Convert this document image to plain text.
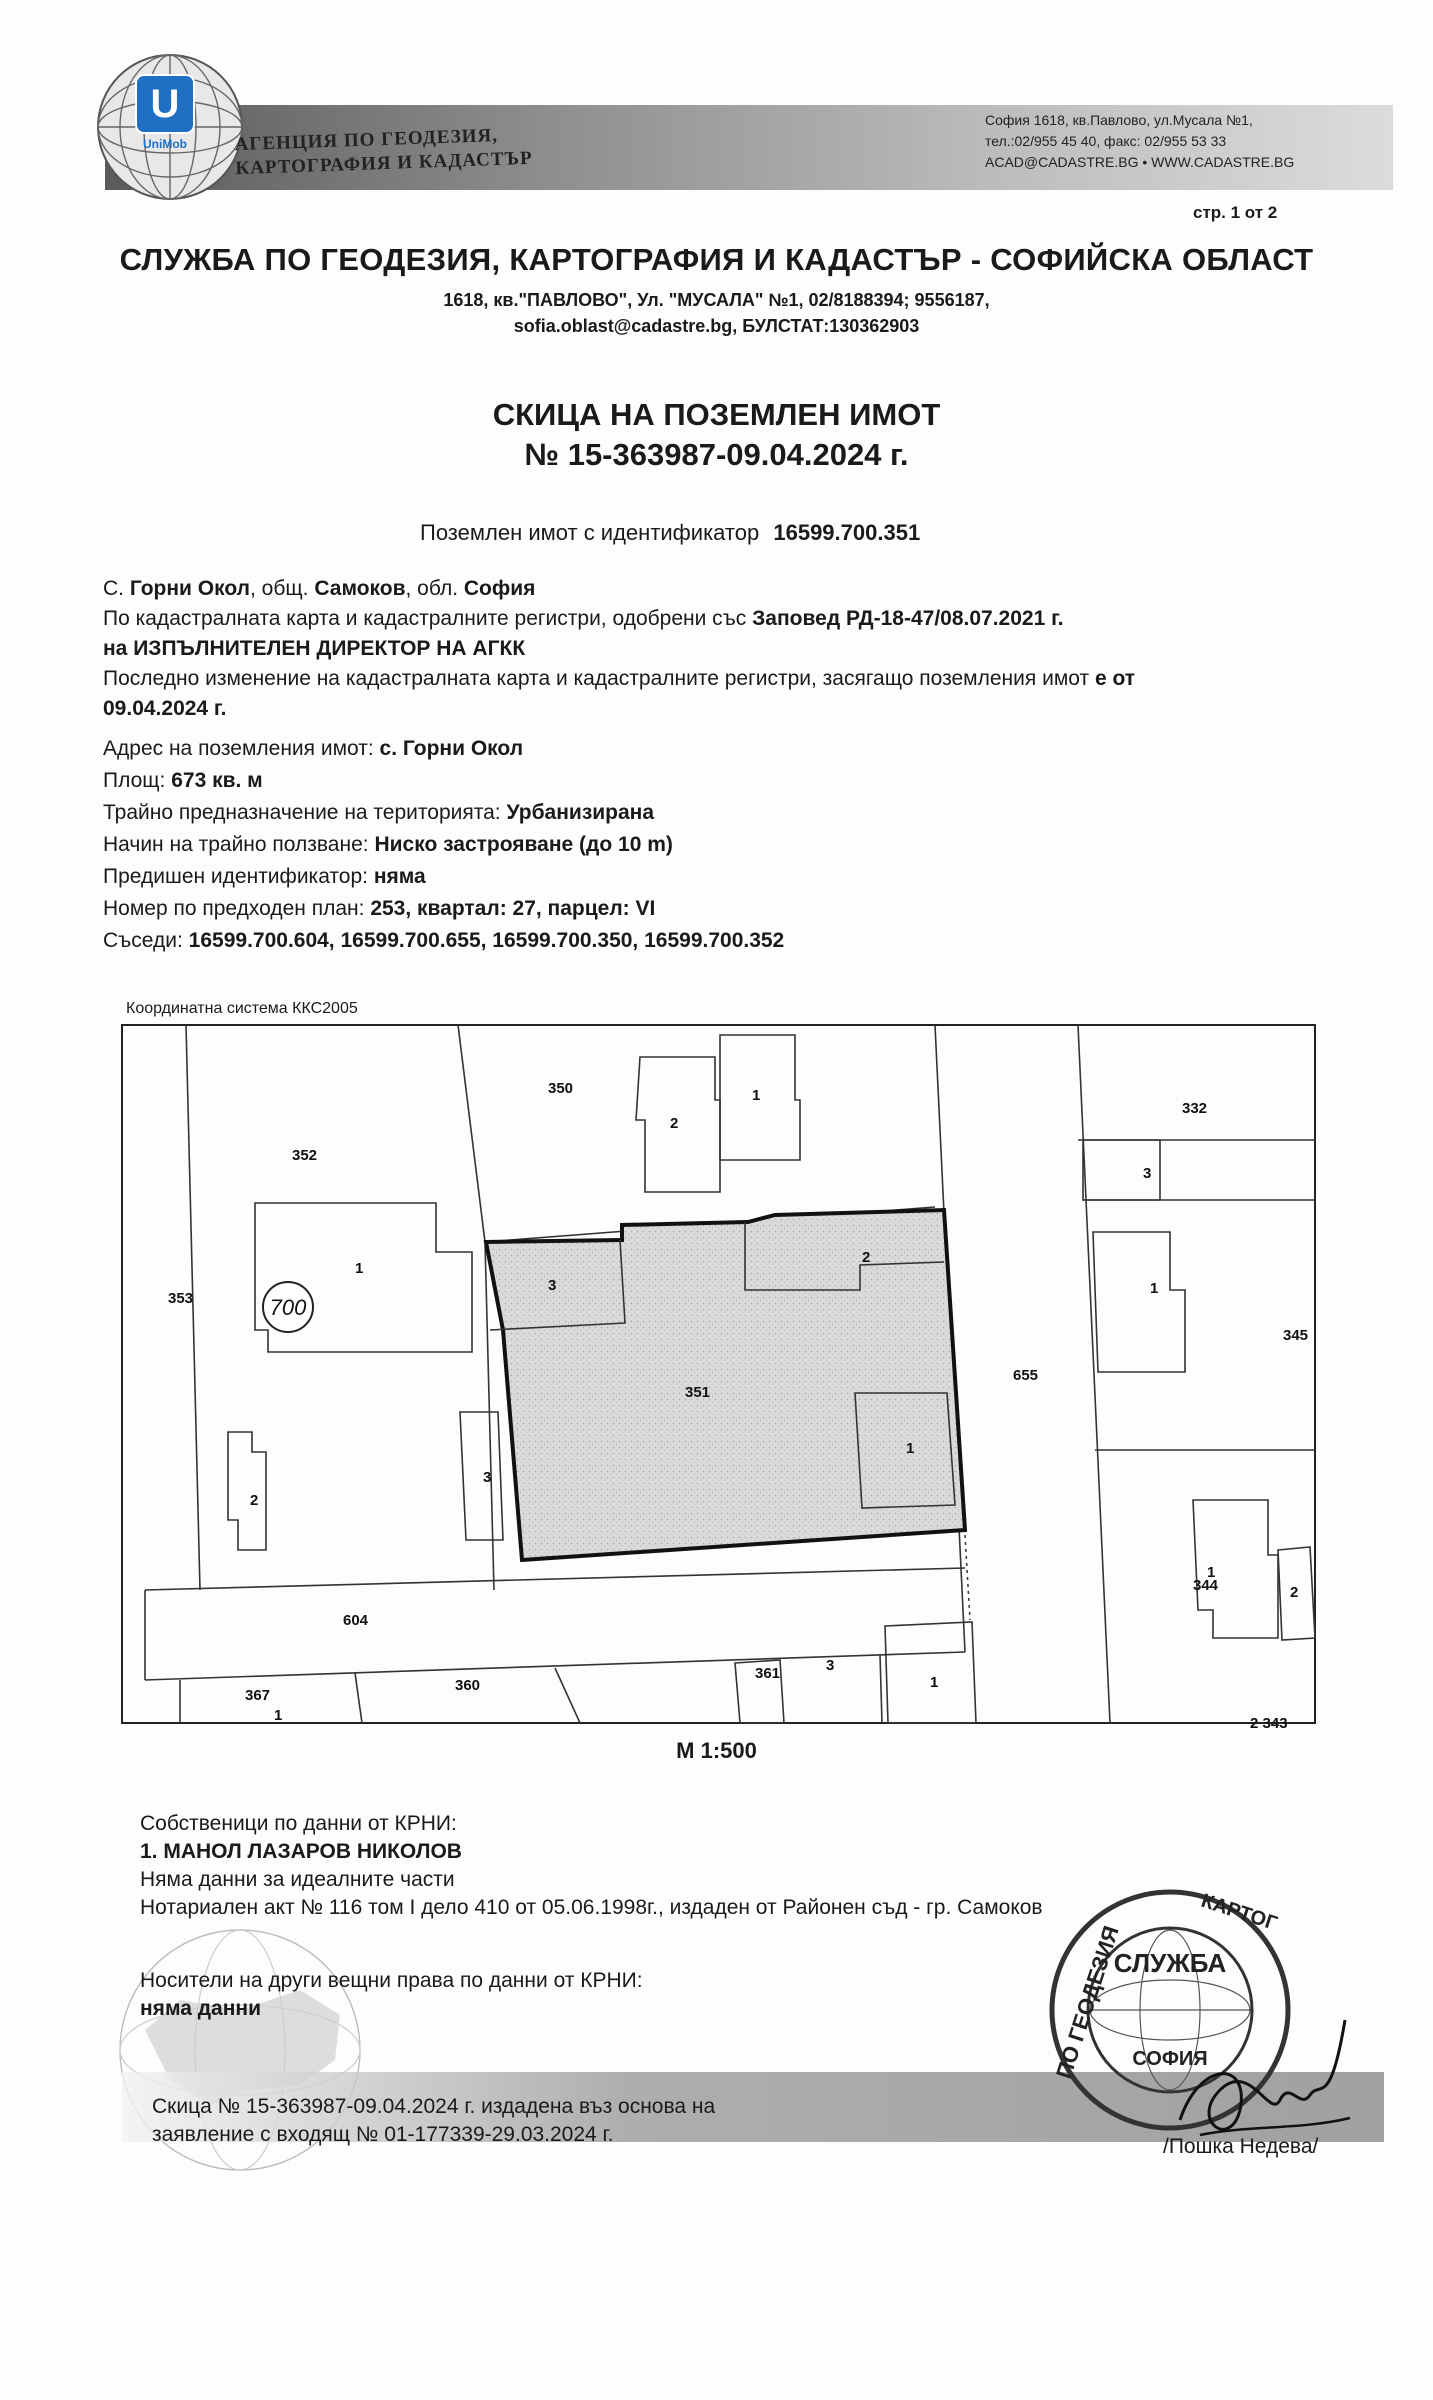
U
UniMob АГЕНЦИЯ ПО ГЕОДЕЗИЯ,
КАРТОГРАФИЯ И КАДАСТЪР
София 1618, кв.Павлово, ул.Мусала №1,
тел.:02/955 45 40, факс: 02/955 53 33
ACAD@CADASTRE.BG • WWW.CADASTRE.BG
стр. 1 от 2
СЛУЖБА ПО ГЕОДЕЗИЯ, КАРТОГРАФИЯ И КАДАСТЪР - СОФИЙСКА ОБЛАСТ
1618, кв."ПАВЛОВО", Ул. "МУСАЛА" №1, 02/8188394; 9556187,
sofia.oblast@cadastre.bg, БУЛСТАТ:130362903
СКИЦА НА ПОЗЕМЛЕН ИМОТ
№ 15-363987-09.04.2024 г.
Поземлен имот с идентификатор 16599.700.351
С. Горни Окол, общ. Самоков, обл. София
По кадастралната карта и кадастралните регистри, одобрени със Заповед РД-18-47/08.07.2021 г.
на ИЗПЪЛНИТЕЛЕН ДИРЕКТОР НА АГКК
Последно изменение на кадастралната карта и кадастралните регистри, засягащо поземления имот е от
09.04.2024 г.
Адрес на поземления имот: с. Горни Окол
Площ: 673 кв. м
Трайно предназначение на територията: Урбанизирана
Начин на трайно ползване: Ниско застрояване (до 10 m)
Предишен идентификатор: няма
Номер по предходен план: 253, квартал: 27, парцел: VI
Съседи: 16599.700.604, 16599.700.655, 16599.700.350, 16599.700.352
Координатна система ККС2005
700
350
352
353
351
655
332
345
344
604
367
360
361
2 343
1
2
3
2
1
3
2
1
3
1
1
2
3
1
1
М 1:500
Собственици по данни от КРНИ:
1. МАНОЛ ЛАЗАРОВ НИКОЛОВ
Няма данни за идеалните части
Нотариален акт № 116 том I дело 410 от 05.06.1998г., издаден от Районен съд - гр. Самоков
Носители на други вещни права по данни от КРНИ:
няма данни
Скица № 15-363987-09.04.2024 г. издадена въз основа на
заявление с входящ № 01-177339-29.03.2024 г.
СЛУЖБА
СОФИЯ
ПО ГЕОДЕЗИЯ
КАРТОГ
/Пошка Недева/
